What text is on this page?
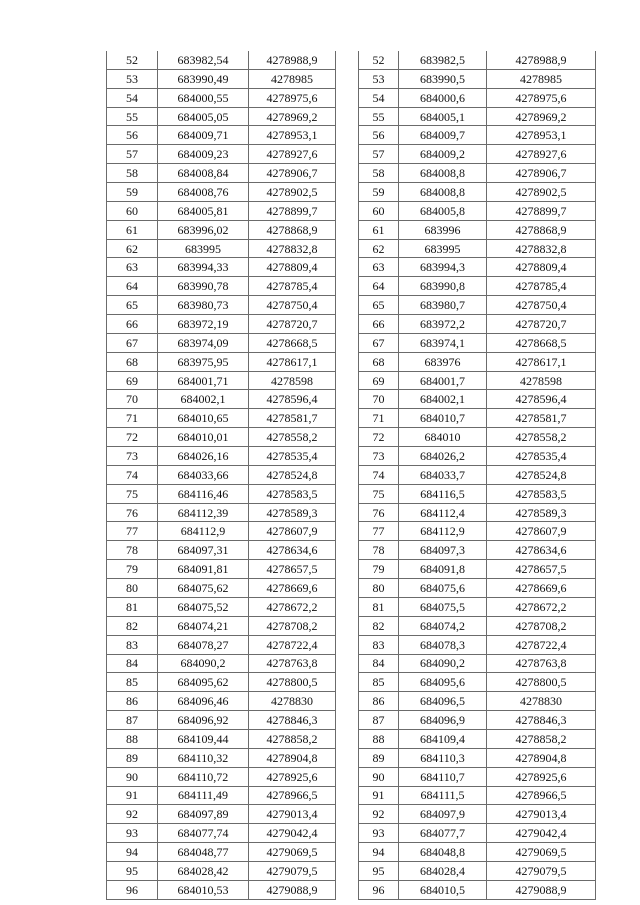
52	683982,54	4278988,9
53	683990,49	4278985
54	684000,55	4278975,6
55	684005,05	4278969,2
56	684009,71	4278953,1
57	684009,23	4278927,6
58	684008,84	4278906,7
59	684008,76	4278902,5
60	684005,81	4278899,7
61	683996,02	4278868,9
62	683995	4278832,8
63	683994,33	4278809,4
64	683990,78	4278785,4
65	683980,73	4278750,4
66	683972,19	4278720,7
67	683974,09	4278668,5
68	683975,95	4278617,1
69	684001,71	4278598
70	684002,1	4278596,4
71	684010,65	4278581,7
72	684010,01	4278558,2
73	684026,16	4278535,4
74	684033,66	4278524,8
75	684116,46	4278583,5
76	684112,39	4278589,3
77	684112,9	4278607,9
78	684097,31	4278634,6
79	684091,81	4278657,5
80	684075,62	4278669,6
81	684075,52	4278672,2
82	684074,21	4278708,2
83	684078,27	4278722,4
84	684090,2	4278763,8
85	684095,62	4278800,5
86	684096,46	4278830
87	684096,92	4278846,3
88	684109,44	4278858,2
89	684110,32	4278904,8
90	684110,72	4278925,6
91	684111,49	4278966,5
92	684097,89	4279013,4
93	684077,74	4279042,4
94	684048,77	4279069,5
95	684028,42	4279079,5
96	684010,53	4279088,9
52	683982,5	4278988,9
53	683990,5	4278985
54	684000,6	4278975,6
55	684005,1	4278969,2
56	684009,7	4278953,1
57	684009,2	4278927,6
58	684008,8	4278906,7
59	684008,8	4278902,5
60	684005,8	4278899,7
61	683996	4278868,9
62	683995	4278832,8
63	683994,3	4278809,4
64	683990,8	4278785,4
65	683980,7	4278750,4
66	683972,2	4278720,7
67	683974,1	4278668,5
68	683976	4278617,1
69	684001,7	4278598
70	684002,1	4278596,4
71	684010,7	4278581,7
72	684010	4278558,2
73	684026,2	4278535,4
74	684033,7	4278524,8
75	684116,5	4278583,5
76	684112,4	4278589,3
77	684112,9	4278607,9
78	684097,3	4278634,6
79	684091,8	4278657,5
80	684075,6	4278669,6
81	684075,5	4278672,2
82	684074,2	4278708,2
83	684078,3	4278722,4
84	684090,2	4278763,8
85	684095,6	4278800,5
86	684096,5	4278830
87	684096,9	4278846,3
88	684109,4	4278858,2
89	684110,3	4278904,8
90	684110,7	4278925,6
91	684111,5	4278966,5
92	684097,9	4279013,4
93	684077,7	4279042,4
94	684048,8	4279069,5
95	684028,4	4279079,5
96	684010,5	4279088,9
